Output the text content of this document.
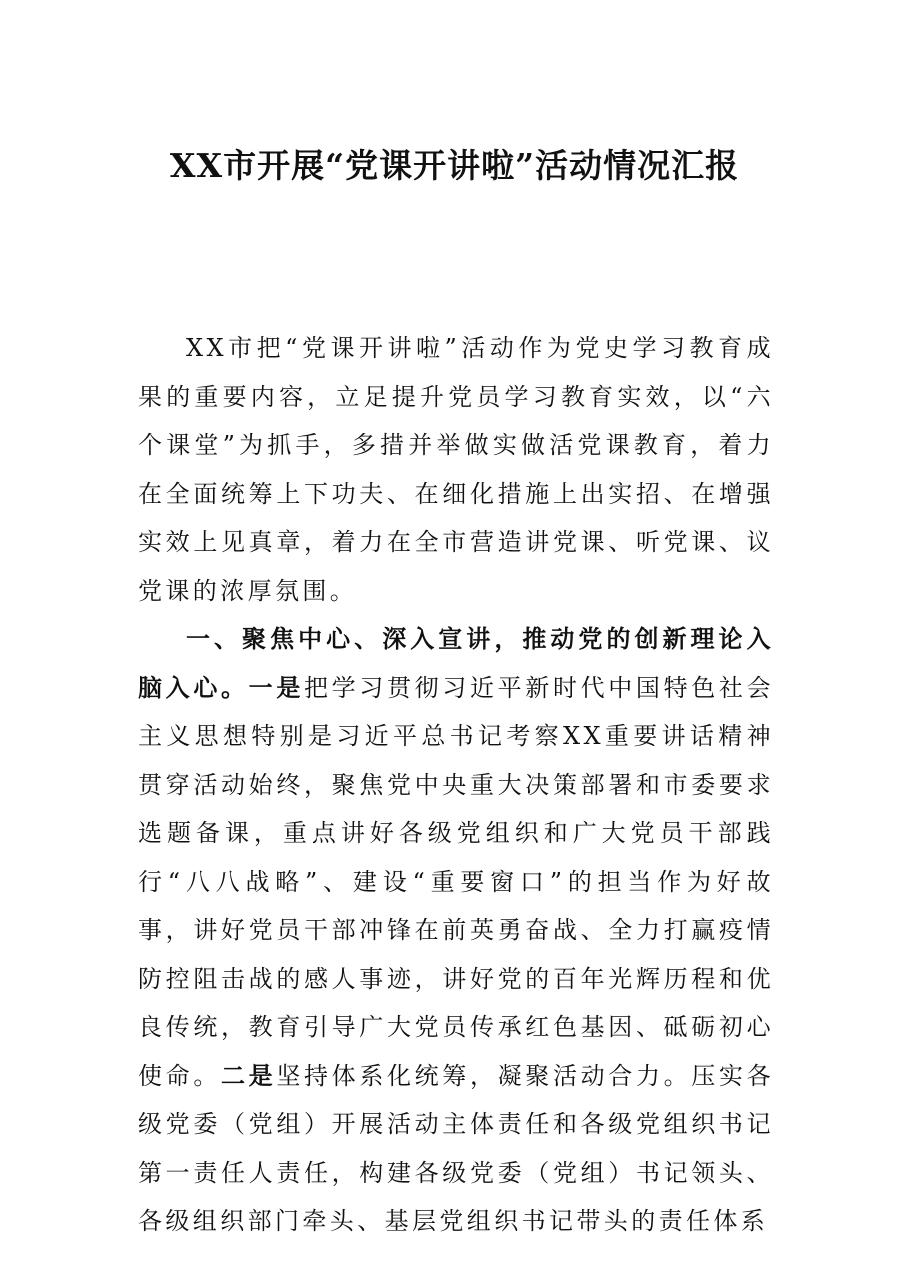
XX市开展“党课开讲啦”活动情况汇报

XX市把“党课开讲啦”活动作为党史学习教育成果的重要内容，立足提升党员学习教育实效，以“六个课堂”为抓手，多措并举做实做活党课教育，着力在全面统筹上下功夫、在细化措施上出实招、在增强实效上见真章，着力在全市营造讲党课、听党课、议党课的浓厚氛围。

一、聚焦中心、深入宣讲，推动党的创新理论入脑入心。一是把学习贯彻习近平新时代中国特色社会主义思想特别是习近平总书记考察XX重要讲话精神贯穿活动始终，聚焦党中央重大决策部署和市委要求选题备课，重点讲好各级党组织和广大党员干部践行“八八战略”、建设“重要窗口”的担当作为好故事，讲好党员干部冲锋在前英勇奋战、全力打赢疫情防控阻击战的感人事迹，讲好党的百年光辉历程和优良传统，教育引导广大党员传承红色基因、砥砺初心使命。二是坚持体系化统筹，凝聚活动合力。压实各级党委（党组）开展活动主体责任和各级党组织书记第一责任人责任，构建各级党委（党组）书记领头、各级组织部门牵头、基层党组织书记带头的责任体系
